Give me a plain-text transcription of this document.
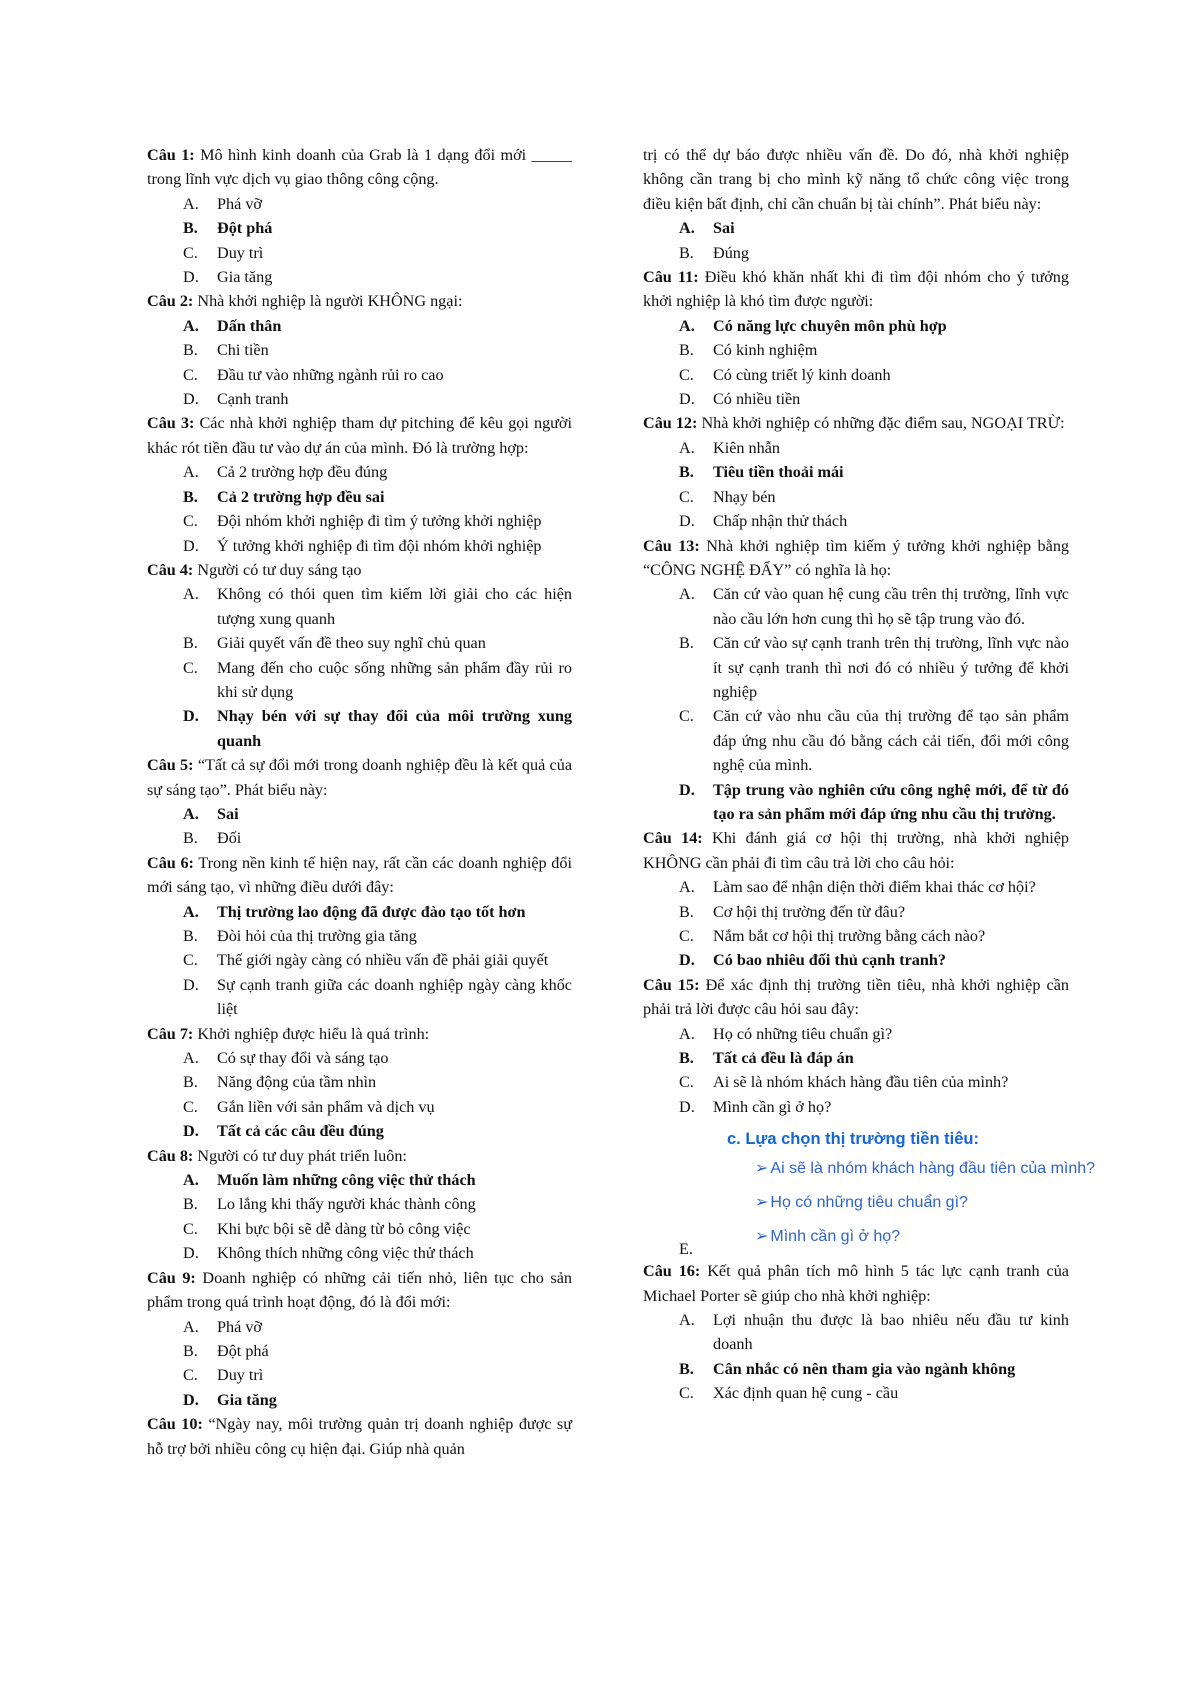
Câu 1: Mô hình kinh doanh của Grab là 1 dạng đổi mới _____ trong lĩnh vực dịch vụ giao thông công cộng.

A.	Phá vỡ
B.	Đột phá
C.	Duy trì
D.	Gia tăng

Câu 2: Nhà khởi nghiệp là người KHÔNG ngại:

A.	Dấn thân
B.	Chi tiền
C.	Đầu tư vào những ngành rủi ro cao
D.	Cạnh tranh

Câu 3: Các nhà khởi nghiệp tham dự pitching để kêu gọi người khác rót tiền đầu tư vào dự án của mình. Đó là trường hợp:

A.	Cả 2 trường hợp đều đúng
B.	Cả 2 trường hợp đều sai
C.	Đội nhóm khởi nghiệp đi tìm ý tưởng khởi nghiệp
D.	Ý tưởng khởi nghiệp đi tìm đội nhóm khởi nghiệp

Câu 4: Người có tư duy sáng tạo

A.	Không có thói quen tìm kiếm lời giải cho các hiện tượng xung quanh
B.	Giải quyết vấn đề theo suy nghĩ chủ quan
C.	Mang đến cho cuộc sống những sản phẩm đầy rủi ro khi sử dụng
D.	Nhạy bén với sự thay đổi của môi trường xung quanh

Câu 5: “Tất cả sự đổi mới trong doanh nghiệp đều là kết quả của sự sáng tạo”. Phát biểu này:

A.	Sai
B.	Đối

Câu 6: Trong nền kinh tế hiện nay, rất cần các doanh nghiệp đổi mới sáng tạo, vì những điều dưới đây:

A.	Thị trường lao động đã được đào tạo tốt hơn
B.	Đòi hỏi của thị trường gia tăng
C.	Thế giới ngày càng có nhiều vấn đề phải giải quyết
D.	Sự cạnh tranh giữa các doanh nghiệp ngày càng khốc liệt

Câu 7: Khởi nghiệp được hiểu là quá trình:

A.	Có sự thay đổi và sáng tạo
B.	Năng động của tầm nhìn
C.	Gắn liền với sản phẩm và dịch vụ
D.	Tất cả các câu đều đúng

Câu 8: Người có tư duy phát triển luôn:

A.	Muốn làm những công việc thử thách
B.	Lo lắng khi thấy người khác thành công
C.	Khi bực bội sẽ dễ dàng từ bỏ công việc
D.	Không thích những công việc thử thách

Câu 9: Doanh nghiệp có những cải tiến nhỏ, liên tục cho sản phẩm trong quá trình hoạt động, đó là đổi mới:

A.	Phá vỡ
B.	Đột phá
C.	Duy trì
D.	Gia tăng

Câu 10: “Ngày nay, môi trường quản trị doanh nghiệp được sự hỗ trợ bởi nhiều công cụ hiện đại. Giúp nhà quản

trị có thể dự báo được nhiều vấn đề. Do đó, nhà khởi nghiệp không cần trang bị cho mình kỹ năng tổ chức công việc trong điều kiện bất định, chỉ cần chuẩn bị tài chính”. Phát biểu này:

A.	Sai
B.	Đúng

Câu 11: Điều khó khăn nhất khi đi tìm đội nhóm cho ý tưởng khởi nghiệp là khó tìm được người:

A.	Có năng lực chuyên môn phù hợp
B.	Có kinh nghiệm
C.	Có cùng triết lý kinh doanh
D.	Có nhiều tiền

Câu 12: Nhà khởi nghiệp có những đặc điểm sau, NGOẠI TRỪ:

A.	Kiên nhẫn
B.	Tiêu tiền thoải mái
C.	Nhạy bén
D.	Chấp nhận thử thách

Câu 13: Nhà khởi nghiệp tìm kiếm ý tưởng khởi nghiệp bằng “CÔNG NGHỆ ĐẨY” có nghĩa là họ:

A.	Căn cứ vào quan hệ cung cầu trên thị trường, lĩnh vực nào cầu lớn hơn cung thì họ sẽ tập trung vào đó.
B.	Căn cứ vào sự cạnh tranh trên thị trường, lĩnh vực nào ít sự cạnh tranh thì nơi đó có nhiều ý tưởng để khởi nghiệp
C.	Căn cứ vào nhu cầu của thị trường để tạo sản phẩm đáp ứng nhu cầu đó bằng cách cải tiến, đổi mới công nghệ của mình.
D.	Tập trung vào nghiên cứu công nghệ mới, để từ đó tạo ra sản phẩm mới đáp ứng nhu cầu thị trường.

Câu 14: Khi đánh giá cơ hội thị trường, nhà khởi nghiệp KHÔNG cần phải đi tìm câu trả lời cho câu hỏi:

A.	Làm sao để nhận diện thời điểm khai thác cơ hội?
B.	Cơ hội thị trường đến từ đâu?
C.	Nắm bắt cơ hội thị trường bằng cách nào?
D.	Có bao nhiêu đối thủ cạnh tranh?

Câu 15: Để xác định thị trường tiền tiêu, nhà khởi nghiệp cần phải trả lời được câu hỏi sau đây:

A.	Họ có những tiêu chuẩn gì?
B.	Tất cả đều là đáp án
C.	Ai sẽ là nhóm khách hàng đầu tiên của mình?
D.	Mình cần gì ở họ?
c. Lựa chọn thị trường tiền tiêu:
➢ Ai sẽ là nhóm khách hàng đầu tiên của mình?
➢ Họ có những tiêu chuẩn gì?
➢ Mình cần gì ở họ?
E.

Câu 16: Kết quả phân tích mô hình 5 tác lực cạnh tranh của Michael Porter sẽ giúp cho nhà khởi nghiệp:

A.	Lợi nhuận thu được là bao nhiêu nếu đầu tư kinh doanh
B.	Cân nhắc có nên tham gia vào ngành không
C.	Xác định quan hệ cung - cầu
